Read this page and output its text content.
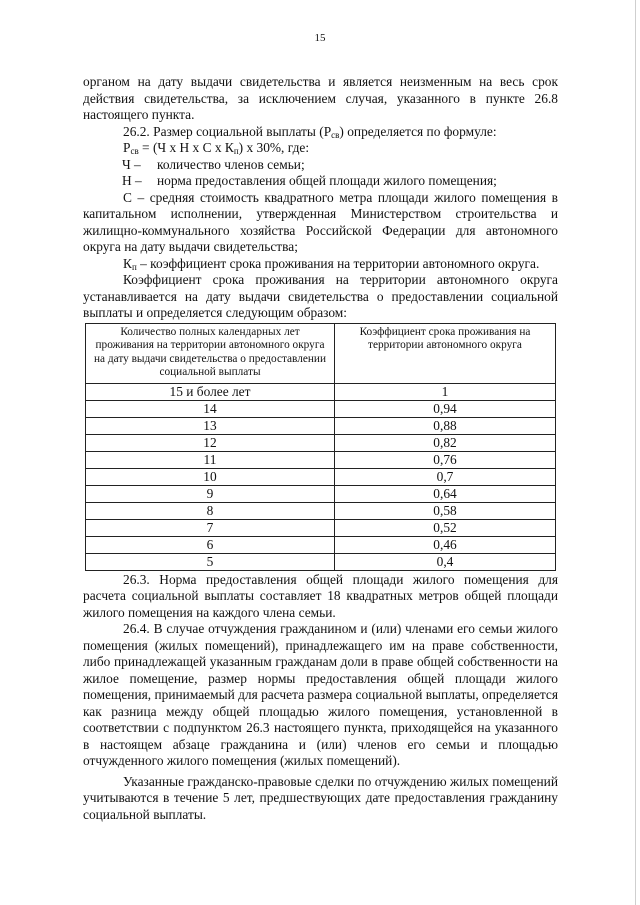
15

органом на дату выдачи свидетельства и является неизменным на весь срок действия свидетельства, за исключением случая, указанного в пункте 26.8 настоящего пункта.

26.2. Размер социальной выплаты $(Р_{св})$ определяется по формуле:

$Р_{св} = (Ч$ х Н х С х $К_п$) х 30%, где:

Ч –	количество членов семьи;
Н –	норма предоставления общей площади жилого помещения;

С – средняя стоимость квадратного метра площади жилого помещения в капитальном исполнении, утвержденная Министерством строительства и жилищно-коммунального хозяйства Российской Федерации для автономного округа на дату выдачи свидетельства;

$К_п$ – коэффициент срока проживания на территории автономного округа.

Коэффициент срока проживания на территории автономного округа устанавливается на дату выдачи свидетельства о предоставлении социальной выплаты и определяется следующим образом:

Количество полных календарных лет проживания на территории автономного округа на дату выдачи свидетельства о предоставлении социальной выплаты	Коэффициент срока проживания на территории автономного округа
15 и более лет	1
14	0,94
13	0,88
12	0,82
11	0,76
10	0,7
9	0,64
8	0,58
7	0,52
6	0,46
5	0,4

26.3. Норма предоставления общей площади жилого помещения для расчета социальной выплаты составляет 18 квадратных метров общей площади жилого помещения на каждого члена семьи.

26.4. В случае отчуждения гражданином и (или) членами его семьи жилого помещения (жилых помещений), принадлежащего им на праве собственности, либо принадлежащей указанным гражданам доли в праве общей собственности на жилое помещение, размер нормы предоставления общей площади жилого помещения, принимаемый для расчета размера социальной выплаты, определяется как разница между общей площадью жилого помещения, установленной в соответствии с подпунктом 26.3 настоящего пункта, приходящейся на указанного в настоящем абзаце гражданина и (или) членов его семьи и площадью отчужденного жилого помещения (жилых помещений).

Указанные гражданско-правовые сделки по отчуждению жилых помещений учитываются в течение 5 лет, предшествующих дате предоставления гражданину социальной выплаты.
